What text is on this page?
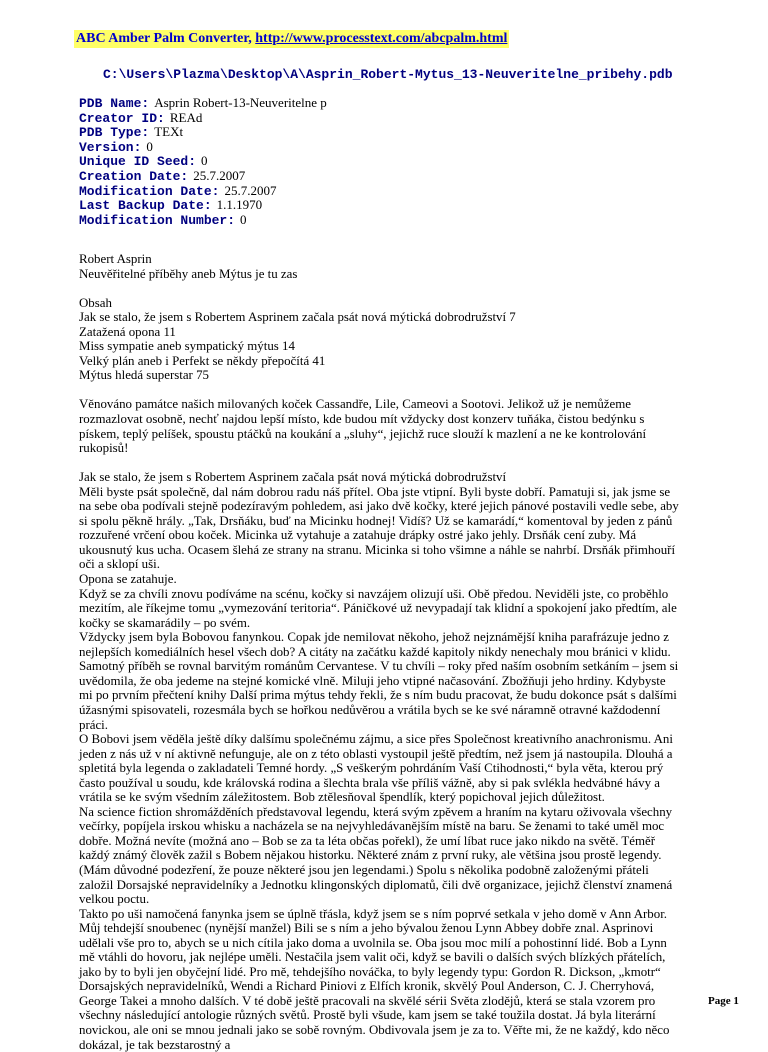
ABC Amber Palm Converter, http://www.processtext.com/abcpalm.html
C:\Users\Plazma\Desktop\A\Asprin_Robert-Mytus_13-Neuveritelne_pribehy.pdb
PDB Name: Asprin Robert-13-Neuveritelne p
Creator ID: REAd
PDB Type: TEXt
Version: 0
Unique ID Seed: 0
Creation Date: 25.7.2007
Modification Date: 25.7.2007
Last Backup Date: 1.1.1970
Modification Number: 0

Robert Asprin

Neuvěřitelné příběhy aneb Mýtus je tu zas

Obsah

Jak se stalo, že jsem s Robertem Asprinem začala psát nová mýtická dobrodružství 7

Zatažená opona 11

Miss sympatie aneb sympatický mýtus 14

Velký plán aneb i Perfekt se někdy přepočítá 41

Mýtus hledá superstar 75

Věnováno památce našich milovaných koček Cassandře, Lile, Cameovi a Sootovi. Jelikož už je nemůžeme rozmazlovat osobně, nechť najdou lepší místo, kde budou mít vždycky dost konzerv tuňáka, čistou bedýnku s pískem, teplý pelíšek, spoustu ptáčků na koukání a „sluhy“, jejichž ruce slouží k mazlení a ne ke kontrolování rukopisů!

Jak se stalo, že jsem s Robertem Asprinem začala psát nová mýtická dobrodružství

Měli byste psát společně, dal nám dobrou radu náš přítel. Oba jste vtipní. Byli byste dobří. Pamatuji si, jak jsme se na sebe oba podívali stejně podezíravým pohledem, asi jako dvě kočky, které jejich pánové postavili vedle sebe, aby si spolu pěkně hrály. „Tak, Drsňáku, buď na Micinku hodnej! Vidíš? Už se kamarádí,“ komentoval by jeden z pánů rozzuřené vrčení obou koček. Micinka už vytahuje a zatahuje drápky ostré jako jehly. Drsňák cení zuby. Má ukousnutý kus ucha. Ocasem šlehá ze strany na stranu. Micinka si toho všimne a náhle se nahrbí. Drsňák přimhouří oči a sklopí uši.

Opona se zatahuje.

Když se za chvíli znovu podíváme na scénu, kočky si navzájem olizují uši. Obě předou. Neviděli jste, co proběhlo mezitím, ale říkejme tomu „vymezování teritoria“. Páničkové už nevypadají tak klidní a spokojení jako předtím, ale kočky se skamarádily – po svém.

Vždycky jsem byla Bobovou fanynkou. Copak jde nemilovat někoho, jehož nejznámější kniha parafrázuje jedno z nejlepších komediálních hesel všech dob? A citáty na začátku každé kapitoly nikdy nenechaly mou bránici v klidu. Samotný příběh se rovnal barvitým románům Cervantese. V tu chvíli – roky před naším osobním setkáním – jsem si uvědomila, že oba jedeme na stejné komické vlně. Miluji jeho vtipné načasování. Zbožňuji jeho hrdiny. Kdybyste mi po prvním přečtení knihy Další prima mýtus tehdy řekli, že s ním budu pracovat, že budu dokonce psát s dalšími úžasnými spisovateli, rozesmála bych se hořkou nedůvěrou a vrátila bych se ke své náramně otravné každodenní práci.

O Bobovi jsem věděla ještě díky dalšímu společnému zájmu, a sice přes Společnost kreativního anachronismu. Ani jeden z nás už v ní aktivně nefunguje, ale on z této oblasti vystoupil ještě předtím, než jsem já nastoupila. Dlouhá a spletitá byla legenda o zakladateli Temné hordy. „S veškerým pohrdáním Vaší Ctihodnosti,“ byla věta, kterou prý často používal u soudu, kde královská rodina a šlechta brala vše příliš vážně, aby si pak svlékla hedvábné hávy a vrátila se ke svým všedním záležitostem. Bob ztělesňoval špendlík, který popichoval jejich důležitost.

Na science fiction shromážděních představoval legendu, která svým zpěvem a hraním na kytaru oživovala všechny večírky, popíjela irskou whisku a nacházela se na nejvyhledávanějším místě na baru. Se ženami to také uměl moc dobře. Možná nevíte (možná ano – Bob se za ta léta občas pořekl), že umí líbat ruce jako nikdo na světě. Téměř každý známý člověk zažil s Bobem nějakou historku. Některé znám z první ruky, ale většina jsou prostě legendy. (Mám důvodné podezření, že pouze některé jsou jen legendami.) Spolu s několika podobně založenými přáteli založil Dorsajské nepravidelníky a Jednotku klingonských diplomatů, čili dvě organizace, jejichž členství znamená velkou poctu.

Takto po uši namočená fanynka jsem se úplně třásla, když jsem se s ním poprvé setkala v jeho domě v Ann Arbor. Můj tehdejší snoubenec (nynější manžel) Bili se s ním a jeho bývalou ženou Lynn Abbey dobře znal. Asprinovi udělali vše pro to, abych se u nich cítila jako doma a uvolnila se. Oba jsou moc milí a pohostinní lidé. Bob a Lynn mě vtáhli do hovoru, jak nejlépe uměli. Nestačila jsem valit oči, když se bavili o dalších svých blízkých přátelích, jako by to byli jen obyčejní lidé. Pro mě, tehdejšího nováčka, to byly legendy typu: Gordon R. Dickson, „kmotr“ Dorsajských nepravidelníků, Wendi a Richard Piniovi z Elfích kronik, skvělý Poul Anderson, C. J. Cherryhová, George Takei a mnoho dalších. V té době ještě pracovali na skvělé sérii Světa zlodějů, která se stala vzorem pro všechny následující antologie různých světů. Prostě byli všude, kam jsem se také toužila dostat. Já byla literární novickou, ale oni se mnou jednali jako se sobě rovným. Obdivovala jsem je za to. Věřte mi, že ne každý, kdo něco dokázal, je tak bezstarostný a

Page 1
